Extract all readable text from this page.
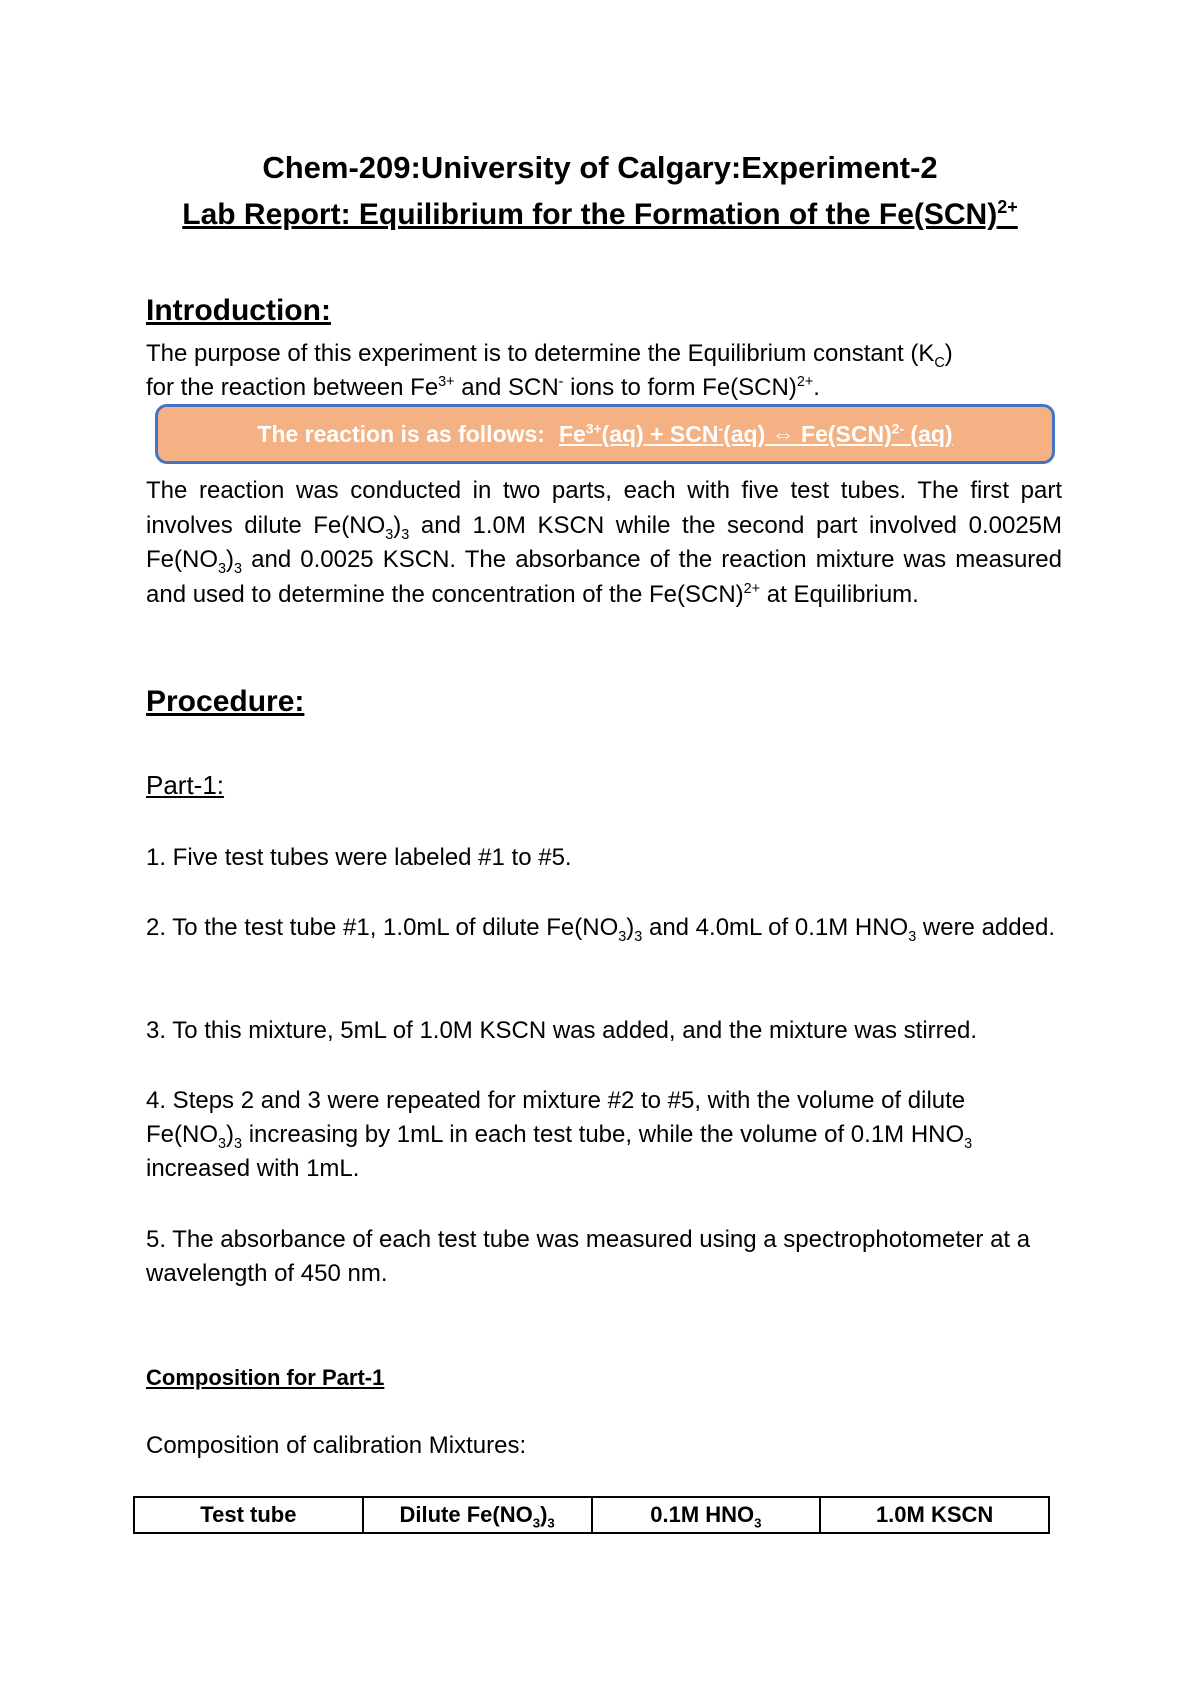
Chem-209:University of Calgary:Experiment-2
Lab Report: Equilibrium for the Formation of the Fe(SCN)$^{2+}$
Introduction:
The purpose of this experiment is to determine the Equilibrium constant $(K_C)$
for the reaction between $Fe^{3+}$ and SCN- ions to form Fe(SCN)$^{2+}$.
The reaction is as follows: $Fe^{3+}(aq) + SCN^-(aq)$ ⇔ Fe(SCN)$^{2-}$ (aq)
The reaction was conducted in two parts, each with five test tubes. The first part involves dilute $Fe(NO_3)_3$ and 1.0M KSCN while the second part involved 0.0025M $Fe(NO_3)_3$ and 0.0025 KSCN. The absorbance of the reaction mixture was measured and used to determine the concentration of the Fe(SCN)$^{2+}$ at Equilibrium.
Procedure:
Part-1:
1. Five test tubes were labeled #1 to #5.
2. To the test tube #1, 1.0mL of dilute $Fe(NO_3)_3$ and 4.0mL of 0.1M $HNO_3$ were added.
3. To this mixture, 5mL of 1.0M KSCN was added, and the mixture was stirred.
4. Steps 2 and 3 were repeated for mixture #2 to #5, with the volume of dilute $Fe(NO_3)_3$ increasing by 1mL in each test tube, while the volume of 0.1M $HNO_3$ increased with 1mL.
5. The absorbance of each test tube was measured using a spectrophotometer at a wavelength of 450 nm.
Composition for Part-1
Composition of calibration Mixtures:
Test tube	Dilute $Fe(NO_3)_3$	0.1M $HNO_3$	1.0M KSCN
